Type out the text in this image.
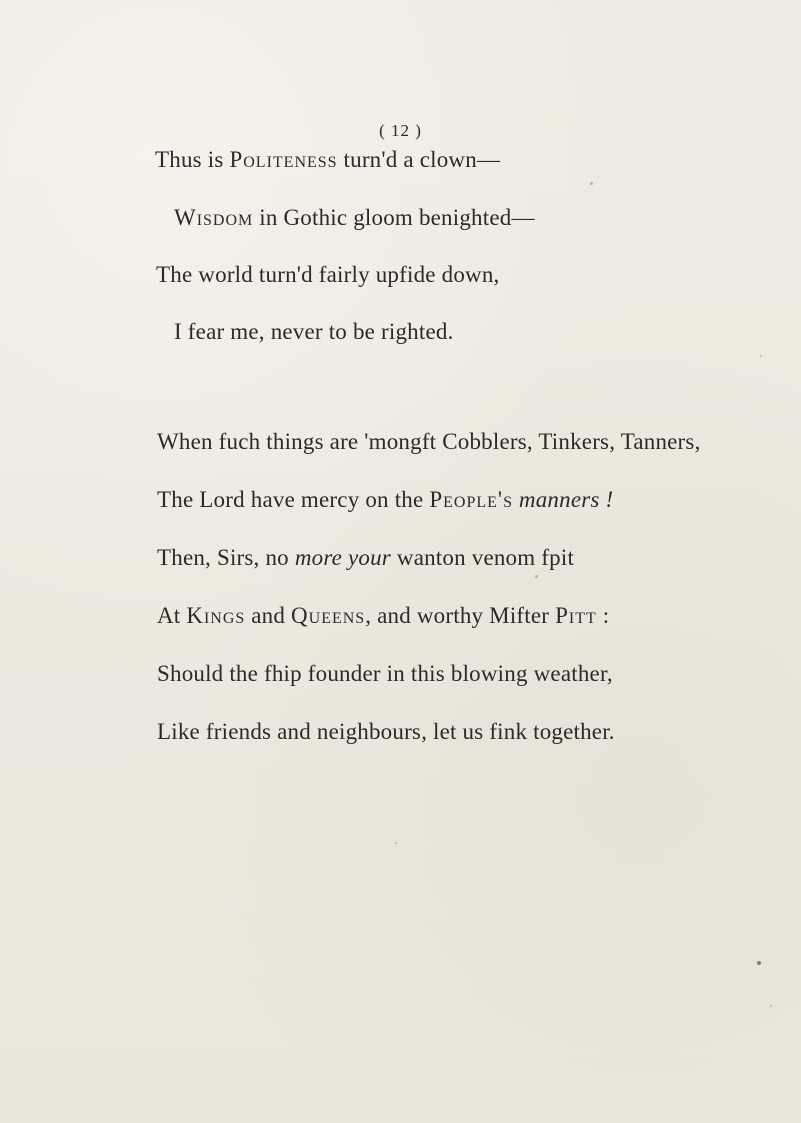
( 12 )
Thus is Politeness turn'd a clown—
Wisdom in Gothic gloom benighted—
The world turn'd fairly upfide down,
I fear me, never to be righted.
When fuch things are 'mongft Cobblers, Tinkers, Tanners,
The Lord have mercy on the People's manners !
Then, Sirs, no more your wanton venom fpit
At Kings and Queens, and worthy Mifter Pitt :
Should the fhip founder in this blowing weather,
Like friends and neighbours, let us fink together.
